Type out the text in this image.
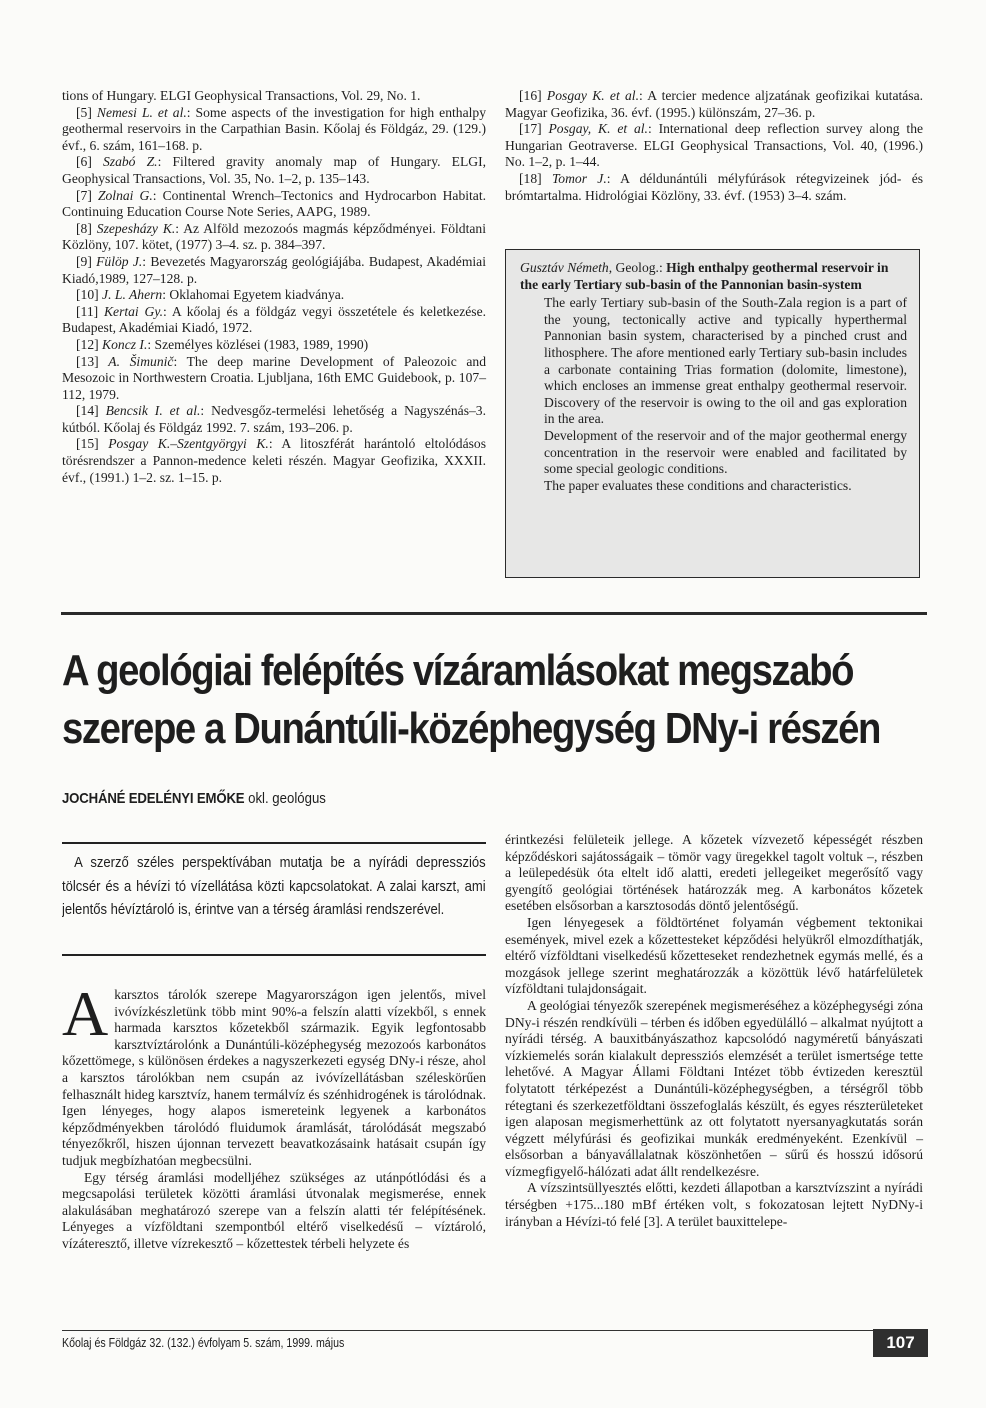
tions of Hungary. ELGI Geophysical Transactions, Vol. 29, No. 1.

[5] Nemesi L. et al.: Some aspects of the investigation for high enthalpy geothermal reservoirs in the Carpathian Basin. Kőolaj és Földgáz, 29. (129.) évf., 6. szám, 161–168. p.

[6] Szabó Z.: Filtered gravity anomaly map of Hungary. ELGI, Geophysical Transactions, Vol. 35, No. 1–2, p. 135–143.

[7] Zolnai G.: Continental Wrench–Tectonics and Hydrocarbon Habitat. Continuing Education Course Note Series, AAPG, 1989.

[8] Szepesházy K.: Az Alföld mezozoós magmás képződményei. Földtani Közlöny, 107. kötet, (1977) 3–4. sz. p. 384–397.

[9] Fülöp J.: Bevezetés Magyarország geológiájába. Budapest, Akadémiai Kiadó,1989, 127–128. p.

[10] J. L. Ahern: Oklahomai Egyetem kiadványa.

[11] Kertai Gy.: A kőolaj és a földgáz vegyi összetétele és keletkezése. Budapest, Akadémiai Kiadó, 1972.

[12] Koncz I.: Személyes közlései (1983, 1989, 1990)

[13] A. Šimunič: The deep marine Development of Paleozoic and Mesozoic in Northwestern Croatia. Ljubljana, 16th EMC Guidebook, p. 107–112, 1979.

[14] Bencsik I. et al.: Nedvesgőz-termelési lehetőség a Nagyszénás–3. kútból. Kőolaj és Földgáz 1992. 7. szám, 193–206. p.

[15] Posgay K.–Szentgyörgyi K.: A litoszférát harántoló eltolódásos törésrendszer a Pannon-medence keleti részén. Magyar Geofizika, XXXII. évf., (1991.) 1–2. sz. 1–15. p.

[16] Posgay K. et al.: A tercier medence aljzatának geofizikai kutatása. Magyar Geofizika, 36. évf. (1995.) különszám, 27–36. p.

[17] Posgay, K. et al.: International deep reflection survey along the Hungarian Geotraverse. ELGI Geophysical Transactions, Vol. 40, (1996.) No. 1–2, p. 1–44.

[18] Tomor J.: A déldunántúli mélyfúrások rétegvizeinek jód- és brómtartalma. Hidrológiai Közlöny, 33. évf. (1953) 3–4. szám.

Gusztáv Németh, Geolog.: High enthalpy geothermal reservoir in the early Tertiary sub-basin of the Pannonian basin-system

The early Tertiary sub-basin of the South-Zala region is a part of the young, tectonically active and typically hyperthermal Pannonian basin system, characterised by a pinched crust and lithosphere. The afore mentioned early Tertiary sub-basin includes a carbonate containing Trias formation (dolomite, limestone), which encloses an immense great enthalpy geothermal reservoir. Discovery of the reservoir is owing to the oil and gas exploration in the area.

Development of the reservoir and of the major geothermal energy concentration in the reservoir were enabled and facilitated by some special geologic conditions.

The paper evaluates these conditions and characteristics.

A geológiai felépítés vízáramlásokat megszabó
szerepe a Dunántúli-középhegység DNy-i részén
JOCHÁNÉ EDELÉNYI EMŐKE okl. geológus
A szerző széles perspektívában mutatja be a nyírádi depressziós tölcsér és a hévízi tó vízellátása közti kapcsolatokat. A zalai karszt, ami jelentős hévíztároló is, érintve van a térség áramlási rendszerével.

Akarsztos tárolók szerepe Magyarországon igen jelentős, mivel ivóvízkészletünk több mint 90%-a felszín alatti vízekből, s ennek harmada karsztos kőzetekből származik. Egyik legfontosabb karsztvíztárolónk a Dunántúli-középhegység mezozoós karbonátos kőzettömege, s különösen érdekes a nagyszerkezeti egység DNy-i része, ahol a karsztos tárolókban nem csupán az ivóvízellátásban széleskörűen felhasznált hideg karsztvíz, hanem termálvíz és szénhidrogének is tárolódnak. Igen lényeges, hogy alapos ismereteink legyenek a karbonátos képződményekben tárolódó fluidumok áramlását, tárolódását megszabó tényezőkről, hiszen újonnan tervezett beavatkozásaink hatásait csupán így tudjuk megbízhatóan megbecsülni.

Egy térség áramlási modelljéhez szükséges az utánpótlódási és a megcsapolási területek közötti áramlási útvonalak megismerése, ennek alakulásában meghatározó szerepe van a felszín alatti tér felépítésének. Lényeges a vízföldtani szempontból eltérő viselkedésű – víztároló, vízáteresztő, illetve vízrekesztő – kőzettestek térbeli helyzete és

érintkezési felületeik jellege. A kőzetek vízvezető képességét részben képződéskori sajátosságaik – tömör vagy üregekkel tagolt voltuk –, részben a leülepedésük óta eltelt idő alatti, eredeti jellegeiket megerősítő vagy gyengítő geológiai történések határozzák meg. A karbonátos kőzetek esetében elsősorban a karsztosodás döntő jelentőségű.

Igen lényegesek a földtörténet folyamán végbement tektonikai események, mivel ezek a kőzettesteket képződési helyükről elmozdíthatják, eltérő vízföldtani viselkedésű kőzetteseket rendezhetnek egymás mellé, és a mozgások jellege szerint meghatározzák a közöttük lévő határfelületek vízföldtani tulajdonságait.

A geológiai tényezők szerepének megismeréséhez a középhegységi zóna DNy-i részén rendkívüli – térben és időben egyedülálló – alkalmat nyújtott a nyírádi térség. A bauxitbányászathoz kapcsolódó nagyméretű bányászati vízkiemelés során kialakult depressziós elemzését a terület ismertsége tette lehetővé. A Magyar Állami Földtani Intézet több évtizeden keresztül folytatott térképezést a Dunántúli-középhegységben, a térségről több rétegtani és szerkezetföldtani összefoglalás készült, és egyes részterületeket igen alaposan megismerhettünk az ott folytatott nyersanyagkutatás során végzett mélyfúrási és geofizikai munkák eredményeként. Ezenkívül – elsősorban a bányavállalatnak köszönhetően – sűrű és hosszú idősorú vízmegfigyelő-hálózati adat állt rendelkezésre.

A vízszintsüllyesztés előtti, kezdeti állapotban a karsztvízszint a nyírádi térségben +175...180 mBf értéken volt, s fokozatosan lejtett NyDNy-i irányban a Hévízi-tó felé [3]. A terület bauxittelepe-

Kőolaj és Földgáz 32. (132.) évfolyam 5. szám, 1999. május	107
